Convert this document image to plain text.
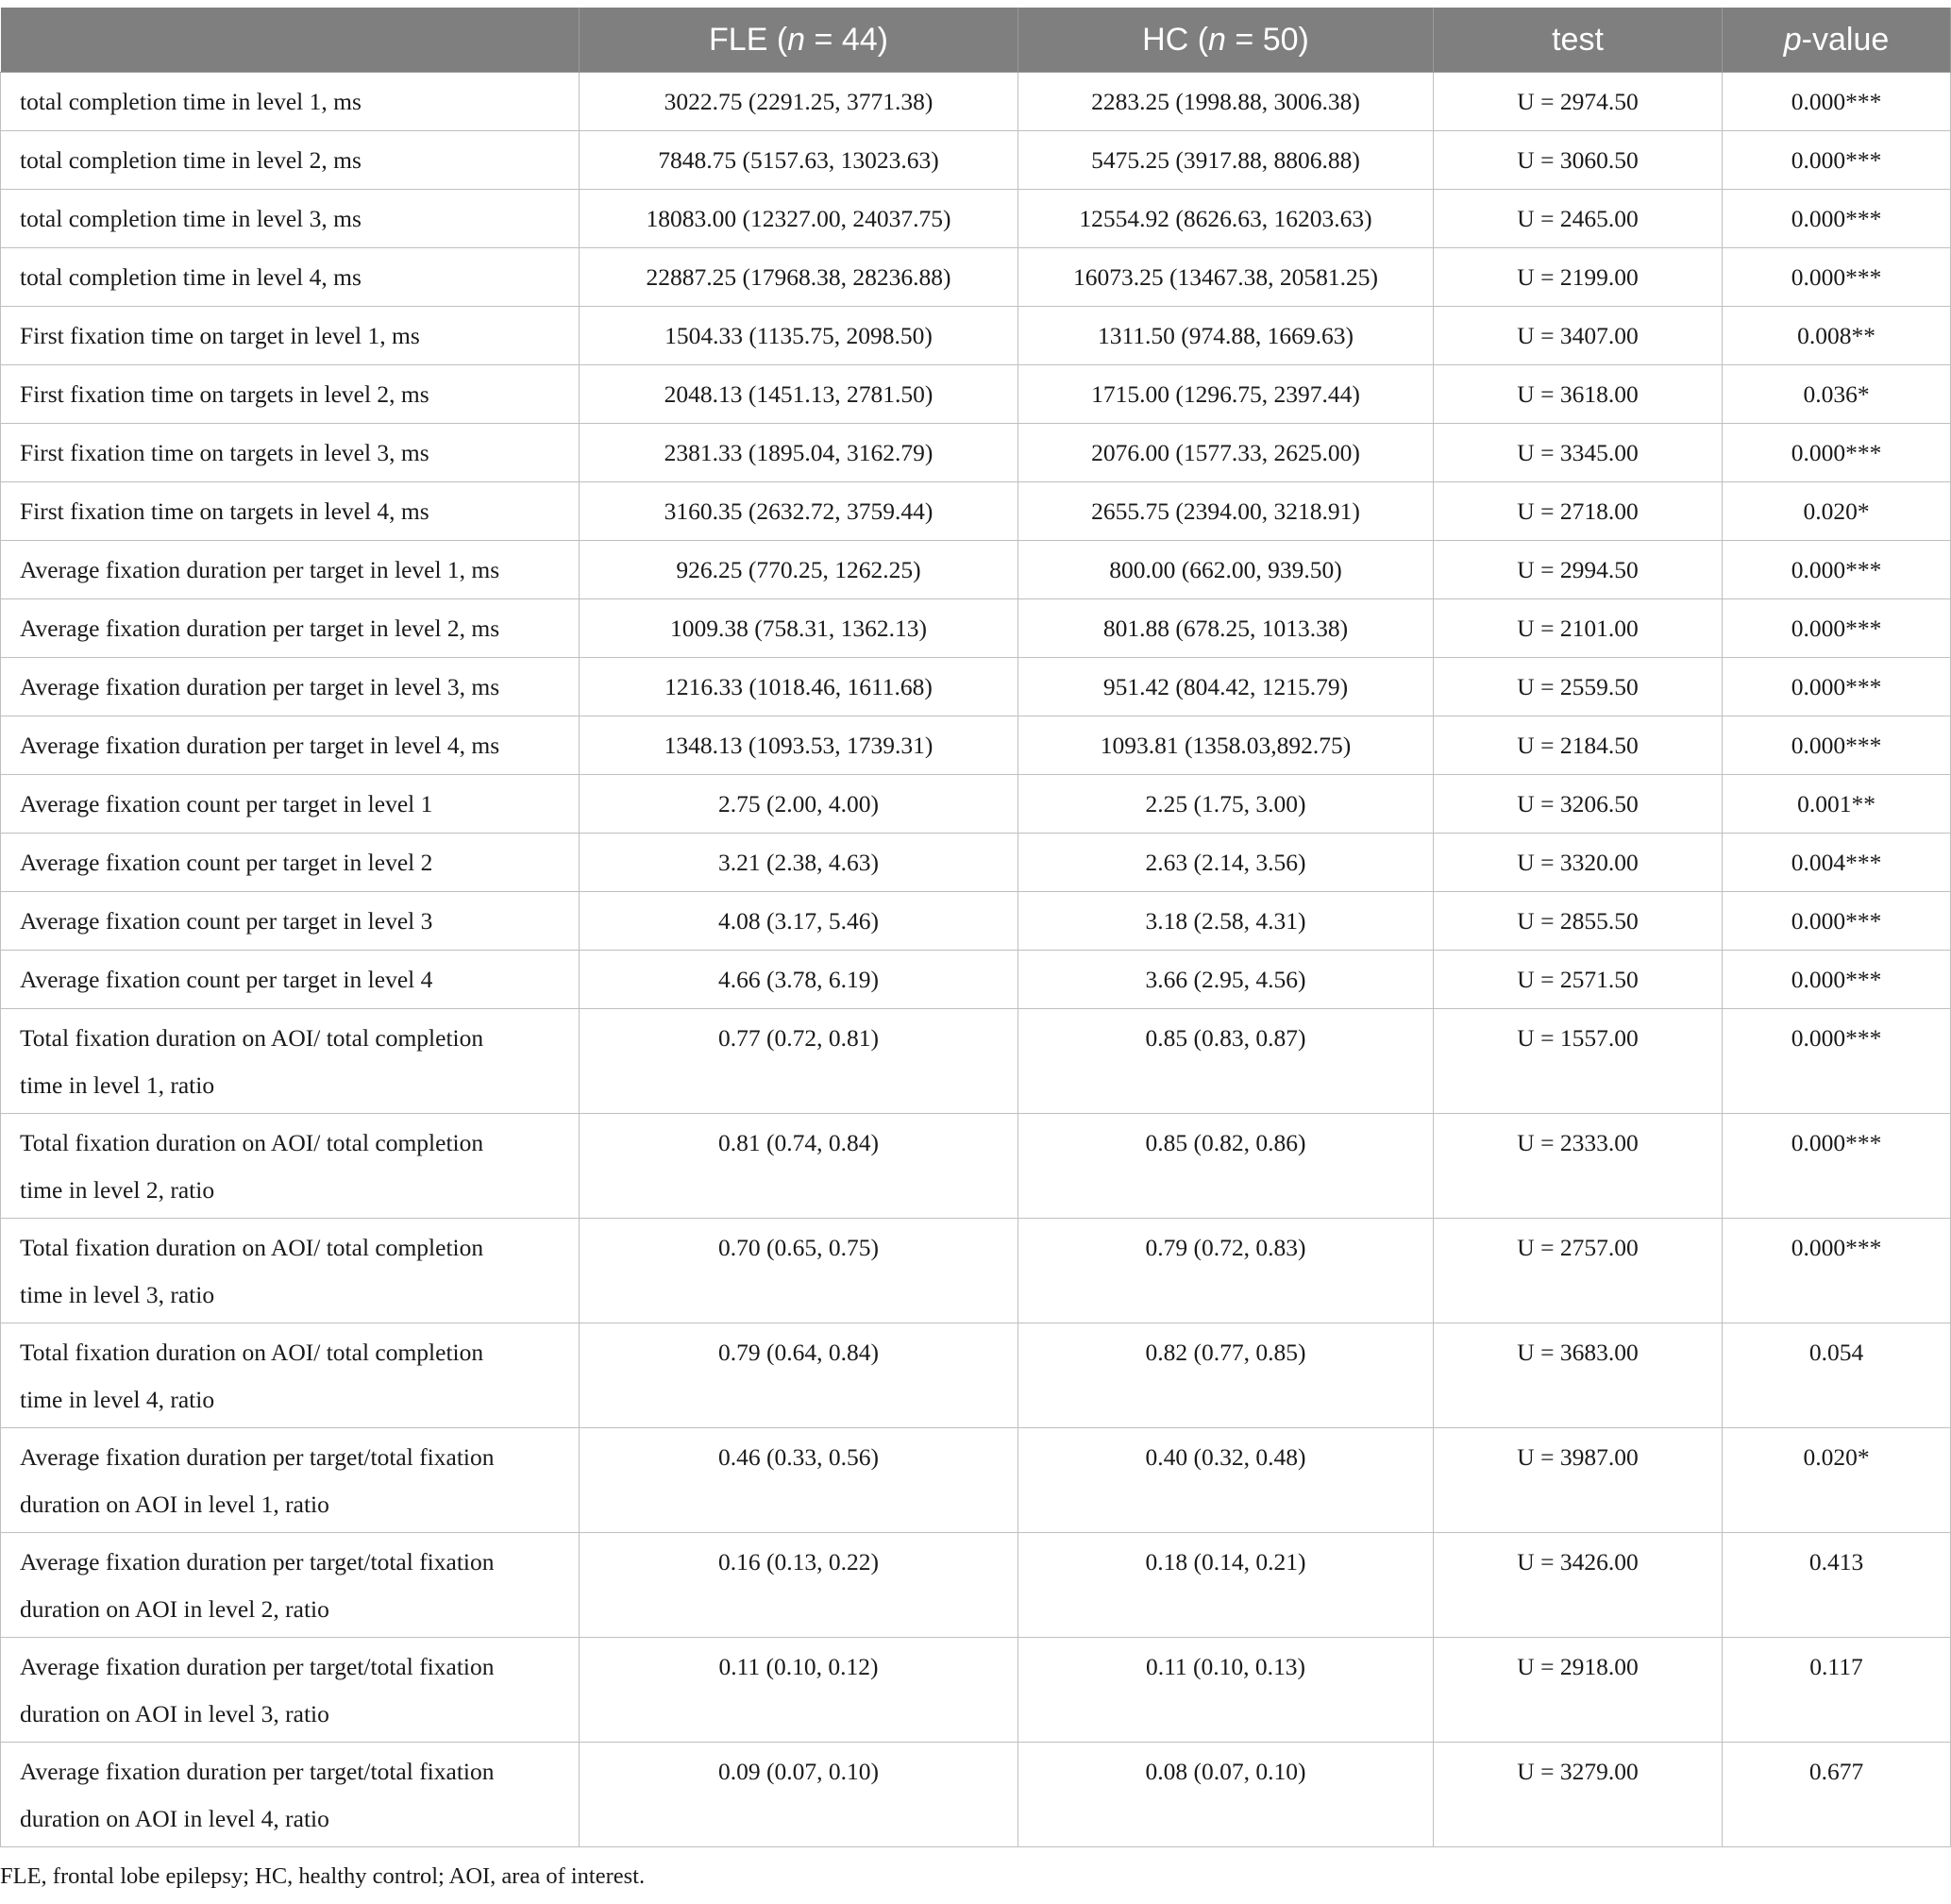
	FLE (n = 44)	HC (n = 50)	test	p-value
total completion time in level 1, ms	3022.75 (2291.25, 3771.38)	2283.25 (1998.88, 3006.38)	U = 2974.50	0.000***
total completion time in level 2, ms	7848.75 (5157.63, 13023.63)	5475.25 (3917.88, 8806.88)	U = 3060.50	0.000***
total completion time in level 3, ms	18083.00 (12327.00, 24037.75)	12554.92 (8626.63, 16203.63)	U = 2465.00	0.000***
total completion time in level 4, ms	22887.25 (17968.38, 28236.88)	16073.25 (13467.38, 20581.25)	U = 2199.00	0.000***
First fixation time on target in level 1, ms	1504.33 (1135.75, 2098.50)	1311.50 (974.88, 1669.63)	U = 3407.00	0.008**
First fixation time on targets in level 2, ms	2048.13 (1451.13, 2781.50)	1715.00 (1296.75, 2397.44)	U = 3618.00	0.036*
First fixation time on targets in level 3, ms	2381.33 (1895.04, 3162.79)	2076.00 (1577.33, 2625.00)	U = 3345.00	0.000***
First fixation time on targets in level 4, ms	3160.35 (2632.72, 3759.44)	2655.75 (2394.00, 3218.91)	U = 2718.00	0.020*
Average fixation duration per target in level 1, ms	926.25 (770.25, 1262.25)	800.00 (662.00, 939.50)	U = 2994.50	0.000***
Average fixation duration per target in level 2, ms	1009.38 (758.31, 1362.13)	801.88 (678.25, 1013.38)	U = 2101.00	0.000***
Average fixation duration per target in level 3, ms	1216.33 (1018.46, 1611.68)	951.42 (804.42, 1215.79)	U = 2559.50	0.000***
Average fixation duration per target in level 4, ms	1348.13 (1093.53, 1739.31)	1093.81 (1358.03,892.75)	U = 2184.50	0.000***
Average fixation count per target in level 1	2.75 (2.00, 4.00)	2.25 (1.75, 3.00)	U = 3206.50	0.001**
Average fixation count per target in level 2	3.21 (2.38, 4.63)	2.63 (2.14, 3.56)	U = 3320.00	0.004***
Average fixation count per target in level 3	4.08 (3.17, 5.46)	3.18 (2.58, 4.31)	U = 2855.50	0.000***
Average fixation count per target in level 4	4.66 (3.78, 6.19)	3.66 (2.95, 4.56)	U = 2571.50	0.000***
Total fixation duration on AOI/ total completion
time in level 1, ratio	0.77 (0.72, 0.81)	0.85 (0.83, 0.87)	U = 1557.00	0.000***
Total fixation duration on AOI/ total completion
time in level 2, ratio	0.81 (0.74, 0.84)	0.85 (0.82, 0.86)	U = 2333.00	0.000***
Total fixation duration on AOI/ total completion
time in level 3, ratio	0.70 (0.65, 0.75)	0.79 (0.72, 0.83)	U = 2757.00	0.000***
Total fixation duration on AOI/ total completion
time in level 4, ratio	0.79 (0.64, 0.84)	0.82 (0.77, 0.85)	U = 3683.00	0.054
Average fixation duration per target/total fixation
duration on AOI in level 1, ratio	0.46 (0.33, 0.56)	0.40 (0.32, 0.48)	U = 3987.00	0.020*
Average fixation duration per target/total fixation
duration on AOI in level 2, ratio	0.16 (0.13, 0.22)	0.18 (0.14, 0.21)	U = 3426.00	0.413
Average fixation duration per target/total fixation
duration on AOI in level 3, ratio	0.11 (0.10, 0.12)	0.11 (0.10, 0.13)	U = 2918.00	0.117
Average fixation duration per target/total fixation
duration on AOI in level 4, ratio	0.09 (0.07, 0.10)	0.08 (0.07, 0.10)	U = 3279.00	0.677
FLE, frontal lobe epilepsy; HC, healthy control; AOI, area of interest.
